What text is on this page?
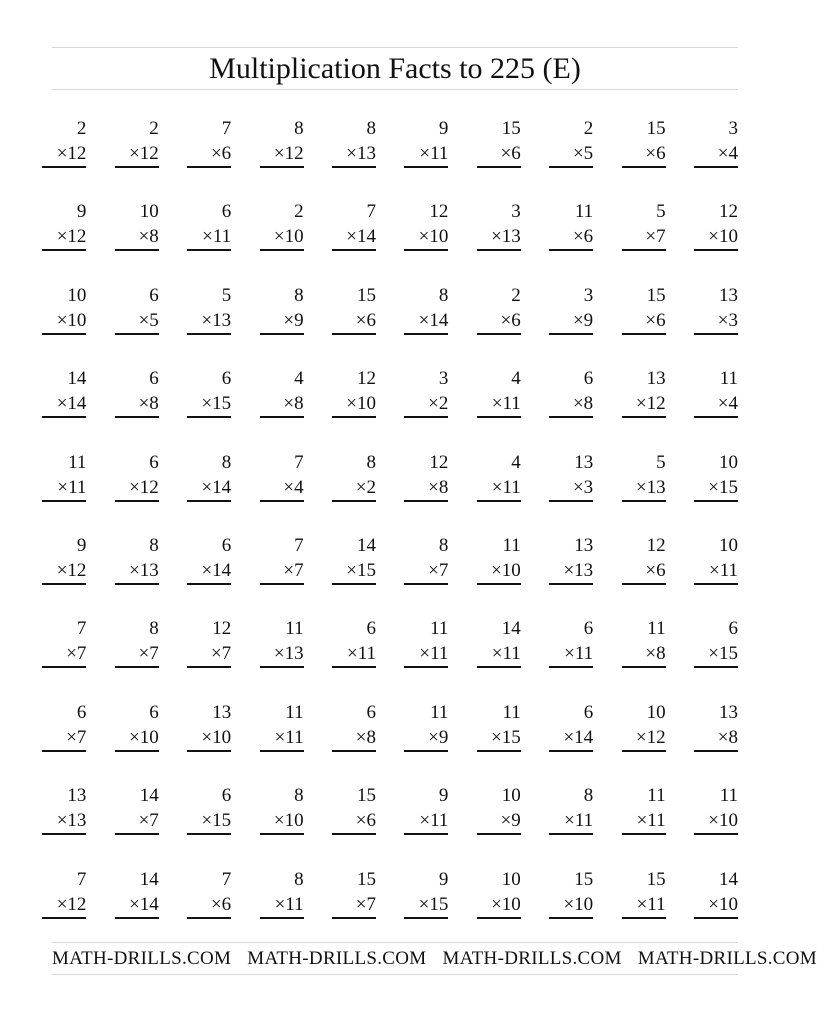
Multiplication Facts to 225 (E)
2
×12
2
×12
7
×6
8
×12
8
×13
9
×11
15
×6
2
×5
15
×6
3
×4
9
×12
10
×8
6
×11
2
×10
7
×14
12
×10
3
×13
11
×6
5
×7
12
×10
10
×10
6
×5
5
×13
8
×9
15
×6
8
×14
2
×6
3
×9
15
×6
13
×3
14
×14
6
×8
6
×15
4
×8
12
×10
3
×2
4
×11
6
×8
13
×12
11
×4
11
×11
6
×12
8
×14
7
×4
8
×2
12
×8
4
×11
13
×3
5
×13
10
×15
9
×12
8
×13
6
×14
7
×7
14
×15
8
×7
11
×10
13
×13
12
×6
10
×11
7
×7
8
×7
12
×7
11
×13
6
×11
11
×11
14
×11
6
×11
11
×8
6
×15
6
×7
6
×10
13
×10
11
×11
6
×8
11
×9
11
×15
6
×14
10
×12
13
×8
13
×13
14
×7
6
×15
8
×10
15
×6
9
×11
10
×9
8
×11
11
×11
11
×10
7
×12
14
×14
7
×6
8
×11
15
×7
9
×15
10
×10
15
×10
15
×11
14
×10
MATH-DRILLS.COM MATH-DRILLS.COM MATH-DRILLS.COM MATH-DRILLS.COM
